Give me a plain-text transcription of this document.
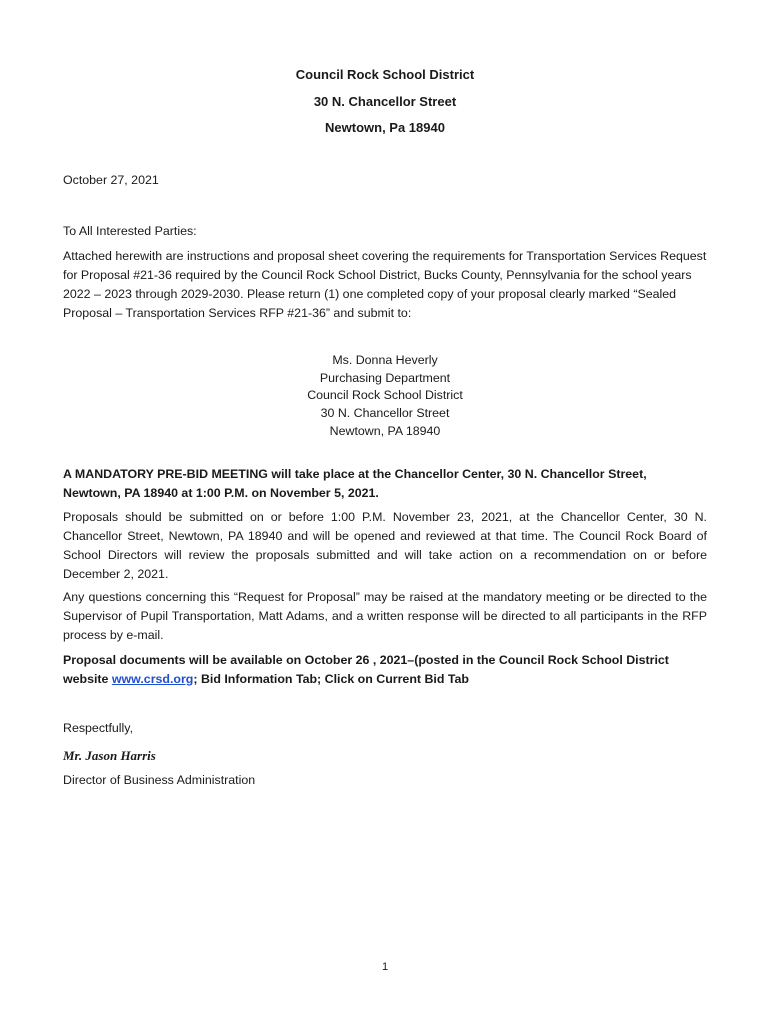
Council Rock School District
30 N. Chancellor Street
Newtown, Pa 18940
October 27, 2021
To All Interested Parties:
Attached herewith are instructions and proposal sheet covering the requirements for Transportation Services Request for Proposal #21-36 required by the Council Rock School District, Bucks County, Pennsylvania for the school years 2022 – 2023 through 2029-2030. Please return (1) one completed copy of your proposal clearly marked “Sealed Proposal – Transportation Services RFP #21-36” and submit to:
Ms. Donna Heverly
Purchasing Department
Council Rock School District
30 N. Chancellor Street
Newtown, PA 18940
A MANDATORY PRE-BID MEETING will take place at the Chancellor Center, 30 N. Chancellor Street, Newtown, PA 18940 at 1:00 P.M. on November 5, 2021.
Proposals should be submitted on or before 1:00 P.M. November 23, 2021, at the Chancellor Center, 30 N. Chancellor Street, Newtown, PA 18940 and will be opened and reviewed at that time. The Council Rock Board of School Directors will review the proposals submitted and will take action on a recommendation on or before December 2, 2021.
Any questions concerning this “Request for Proposal” may be raised at the mandatory meeting or be directed to the Supervisor of Pupil Transportation, Matt Adams, and a written response will be directed to all participants in the RFP process by e-mail.
Proposal documents will be available on October 26 , 2021–(posted in the Council Rock School District website www.crsd.org; Bid Information Tab; Click on Current Bid Tab
Respectfully,
Mr. Jason Harris
Director of Business Administration
1
